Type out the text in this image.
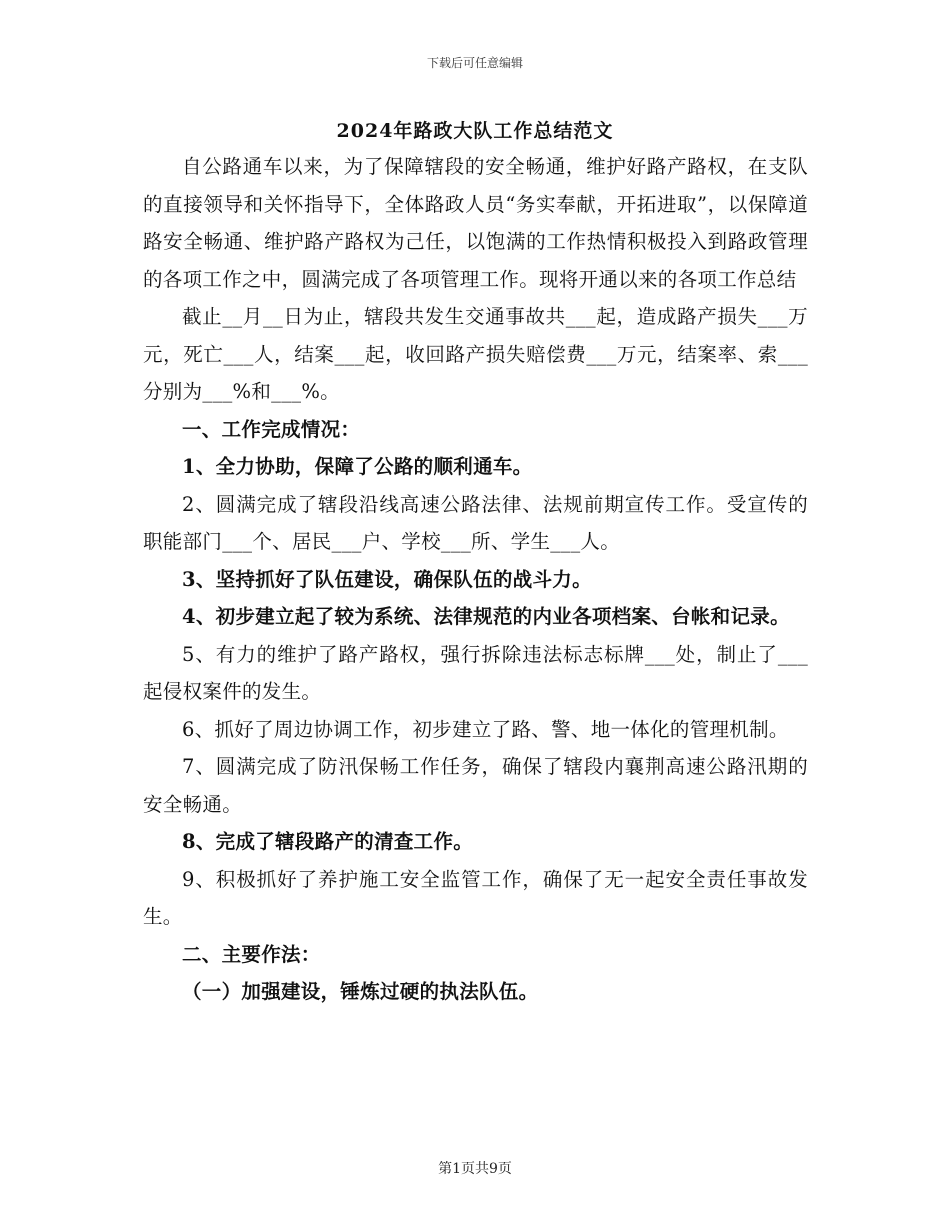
下载后可任意编辑
2024年路政大队工作总结范文

自公路通车以来，为了保障辖段的安全畅通，维护好路产路权，在支队的直接领导和关怀指导下，全体路政人员“务实奉献，开拓进取”，以保障道路安全畅通、维护路产路权为己任，以饱满的工作热情积极投入到路政管理的各项工作之中，圆满完成了各项管理工作。现将开通以来的各项工作总结

截止__月__日为止，辖段共发生交通事故共___起，造成路产损失___万元，死亡___人，结案___起，收回路产损失赔偿费___万元，结案率、索___分别为___%和___%。

一、工作完成情况：

1、全力协助，保障了公路的顺利通车。

2、圆满完成了辖段沿线高速公路法律、法规前期宣传工作。受宣传的职能部门___个、居民___户、学校___所、学生___人。

3、坚持抓好了队伍建设，确保队伍的战斗力。

4、初步建立起了较为系统、法律规范的内业各项档案、台帐和记录。

5、有力的维护了路产路权，强行拆除违法标志标牌___处，制止了___起侵权案件的发生。

6、抓好了周边协调工作，初步建立了路、警、地一体化的管理机制。

7、圆满完成了防汛保畅工作任务，确保了辖段内襄荆高速公路汛期的安全畅通。

8、完成了辖段路产的清查工作。

9、积极抓好了养护施工安全监管工作，确保了无一起安全责任事故发生。

二、主要作法：

（一）加强建设，锤炼过硬的执法队伍。

第1页共9页
